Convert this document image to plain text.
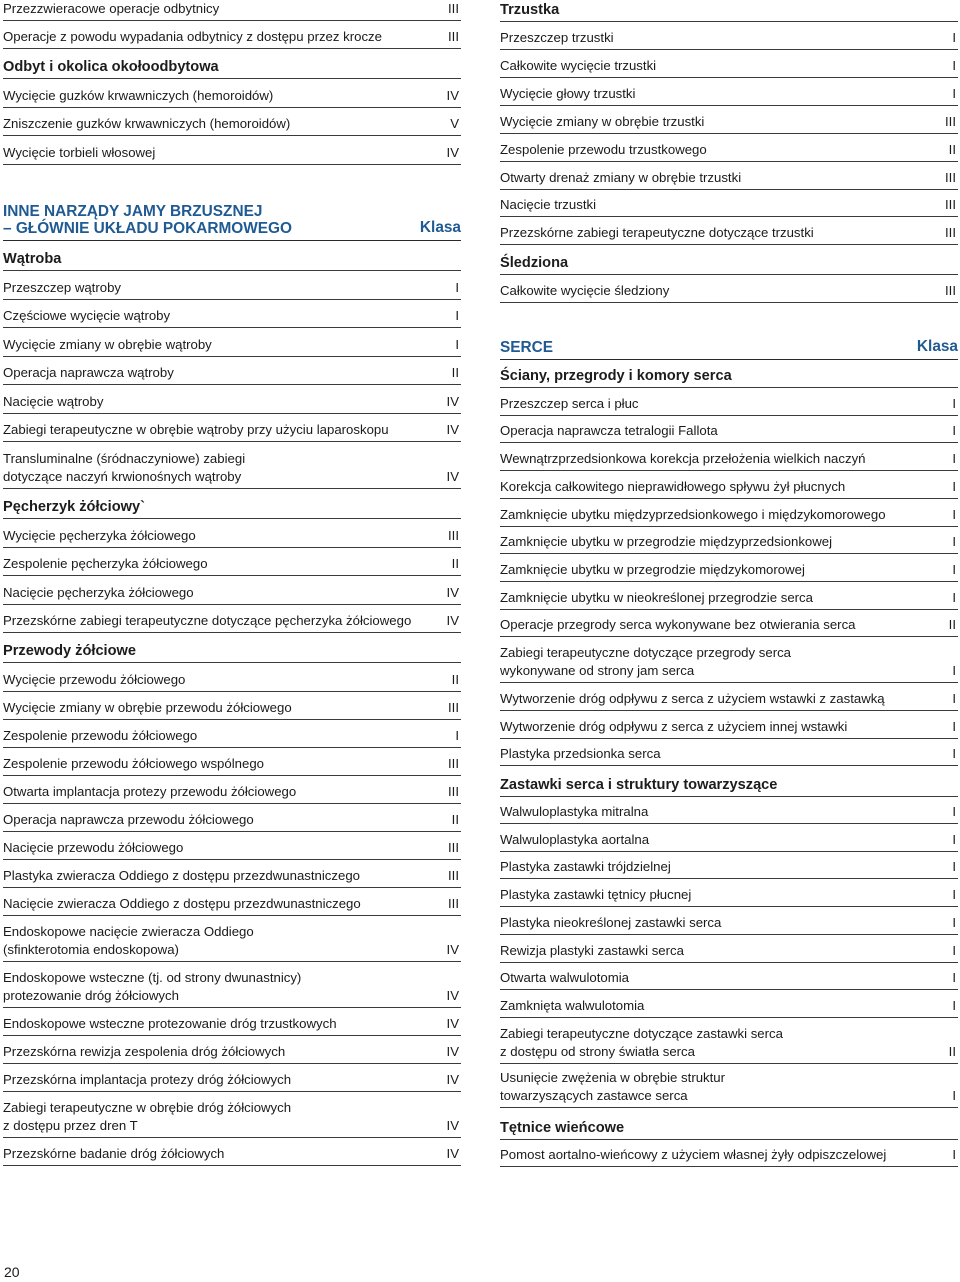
Przezzwieracowe operacje odbytnicy	III
Operacje z powodu wypadania odbytnicy z dostępu przez krocze	III
Odbyt i okolica okołoodbytowa
Wycięcie guzków krwawniczych (hemoroidów)	IV
Zniszczenie guzków krwawniczych (hemoroidów)	V
Wycięcie torbieli włosowej	IV
INNE NARZĄDY JAMY BRZUSZNEJ
– GŁÓWNIE UKŁADU POKARMOWEGO	Klasa
Wątroba
Przeszczep wątroby	I
Częściowe wycięcie wątroby	I
Wycięcie zmiany w obrębie wątroby	I
Operacja naprawcza wątroby	II
Nacięcie wątroby	IV
Zabiegi terapeutyczne w obrębie wątroby przy użyciu laparoskopu	IV
Transluminalne (śródnaczyniowe) zabiegi
dotyczące naczyń krwionośnych wątroby	IV
Pęcherzyk żółciowy`
Wycięcie pęcherzyka żółciowego	III
Zespolenie pęcherzyka żółciowego	II
Nacięcie pęcherzyka żółciowego	IV
Przezskórne zabiegi terapeutyczne dotyczące pęcherzyka żółciowego	IV
Przewody żółciowe
Wycięcie przewodu żółciowego	II
Wycięcie zmiany w obrębie przewodu żółciowego	III
Zespolenie przewodu żółciowego	I
Zespolenie przewodu żółciowego wspólnego	III
Otwarta implantacja protezy przewodu żółciowego	III
Operacja naprawcza przewodu żółciowego	II
Nacięcie przewodu żółciowego	III
Plastyka zwieracza Oddiego z dostępu przezdwunastniczego	III
Nacięcie zwieracza Oddiego z dostępu przezdwunastniczego	III
Endoskopowe nacięcie zwieracza Oddiego
(sfinkterotomia endoskopowa)	IV
Endoskopowe wsteczne (tj. od strony dwunastnicy)
protezowanie dróg żółciowych	IV
Endoskopowe wsteczne protezowanie dróg trzustkowych	IV
Przezskórna rewizja zespolenia dróg żółciowych	IV
Przezskórna implantacja protezy dróg żółciowych	IV
Zabiegi terapeutyczne w obrębie dróg żółciowych
z dostępu przez dren T	IV
Przezskórne badanie dróg żółciowych	IV
Trzustka
Przeszczep trzustki	I
Całkowite wycięcie trzustki	I
Wycięcie głowy trzustki	I
Wycięcie zmiany w obrębie trzustki	III
Zespolenie przewodu trzustkowego	II
Otwarty drenaż zmiany w obrębie trzustki	III
Nacięcie trzustki	III
Przezskórne zabiegi terapeutyczne dotyczące trzustki	III
Śledziona
Całkowite wycięcie śledziony	III
SERCE	Klasa
Ściany, przegrody i komory serca
Przeszczep serca i płuc	I
Operacja naprawcza tetralogii Fallota	I
Wewnątrzprzedsionkowa korekcja przełożenia wielkich naczyń	I
Korekcja całkowitego nieprawidłowego spływu żył płucnych	I
Zamknięcie ubytku międzyprzedsionkowego i międzykomorowego	I
Zamknięcie ubytku w przegrodzie międzyprzedsionkowej	I
Zamknięcie ubytku w przegrodzie międzykomorowej	I
Zamknięcie ubytku w nieokreślonej przegrodzie serca	I
Operacje przegrody serca wykonywane bez otwierania serca	II
Zabiegi terapeutyczne dotyczące przegrody serca
wykonywane od strony jam serca	I
Wytworzenie dróg odpływu z serca z użyciem wstawki z zastawką	I
Wytworzenie dróg odpływu z serca z użyciem innej wstawki	I
Plastyka przedsionka serca	I
Zastawki serca i struktury towarzyszące
Walwuloplastyka mitralna	I
Walwuloplastyka aortalna	I
Plastyka zastawki trójdzielnej	I
Plastyka zastawki tętnicy płucnej	I
Plastyka nieokreślonej zastawki serca	I
Rewizja plastyki zastawki serca	I
Otwarta walwulotomia	I
Zamknięta walwulotomia	I
Zabiegi terapeutyczne dotyczące zastawki serca
z dostępu od strony światła serca	II
Usunięcie zwężenia w obrębie struktur
towarzyszących zastawce serca	I
Tętnice wieńcowe
Pomost aortalno-wieńcowy z użyciem własnej żyły odpiszczelowej	I
20
